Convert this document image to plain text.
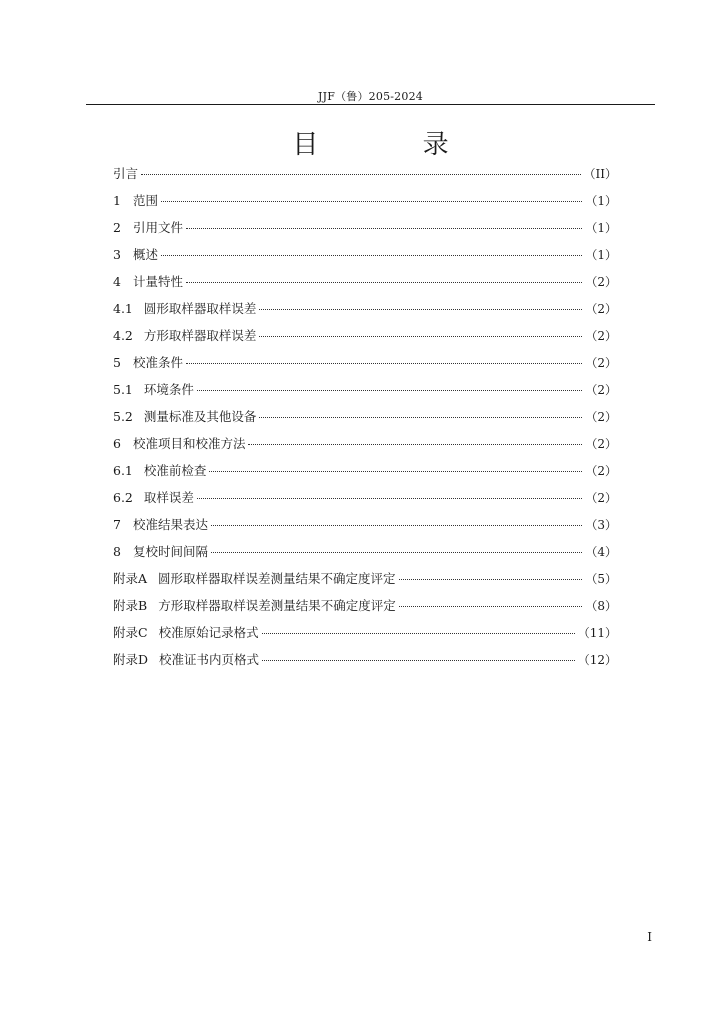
JJF（鲁）205-2024
目 录
引言	（II）
1 范围	（1）
2 引用文件	（1）
3 概述	（1）
4 计量特性	（2）
4.1 圆形取样器取样误差	（2）
4.2 方形取样器取样误差	（2）
5 校准条件	（2）
5.1 环境条件	（2）
5.2 测量标准及其他设备	（2）
6 校准项目和校准方法	（2）
6.1 校准前检查	（2）
6.2 取样误差	（2）
7 校准结果表达	（3）
8 复校时间间隔	（4）
附录A 圆形取样器取样误差测量结果不确定度评定	（5）
附录B 方形取样器取样误差测量结果不确定度评定	（8）
附录C 校准原始记录格式	（11）
附录D 校准证书内页格式	（12）
I
